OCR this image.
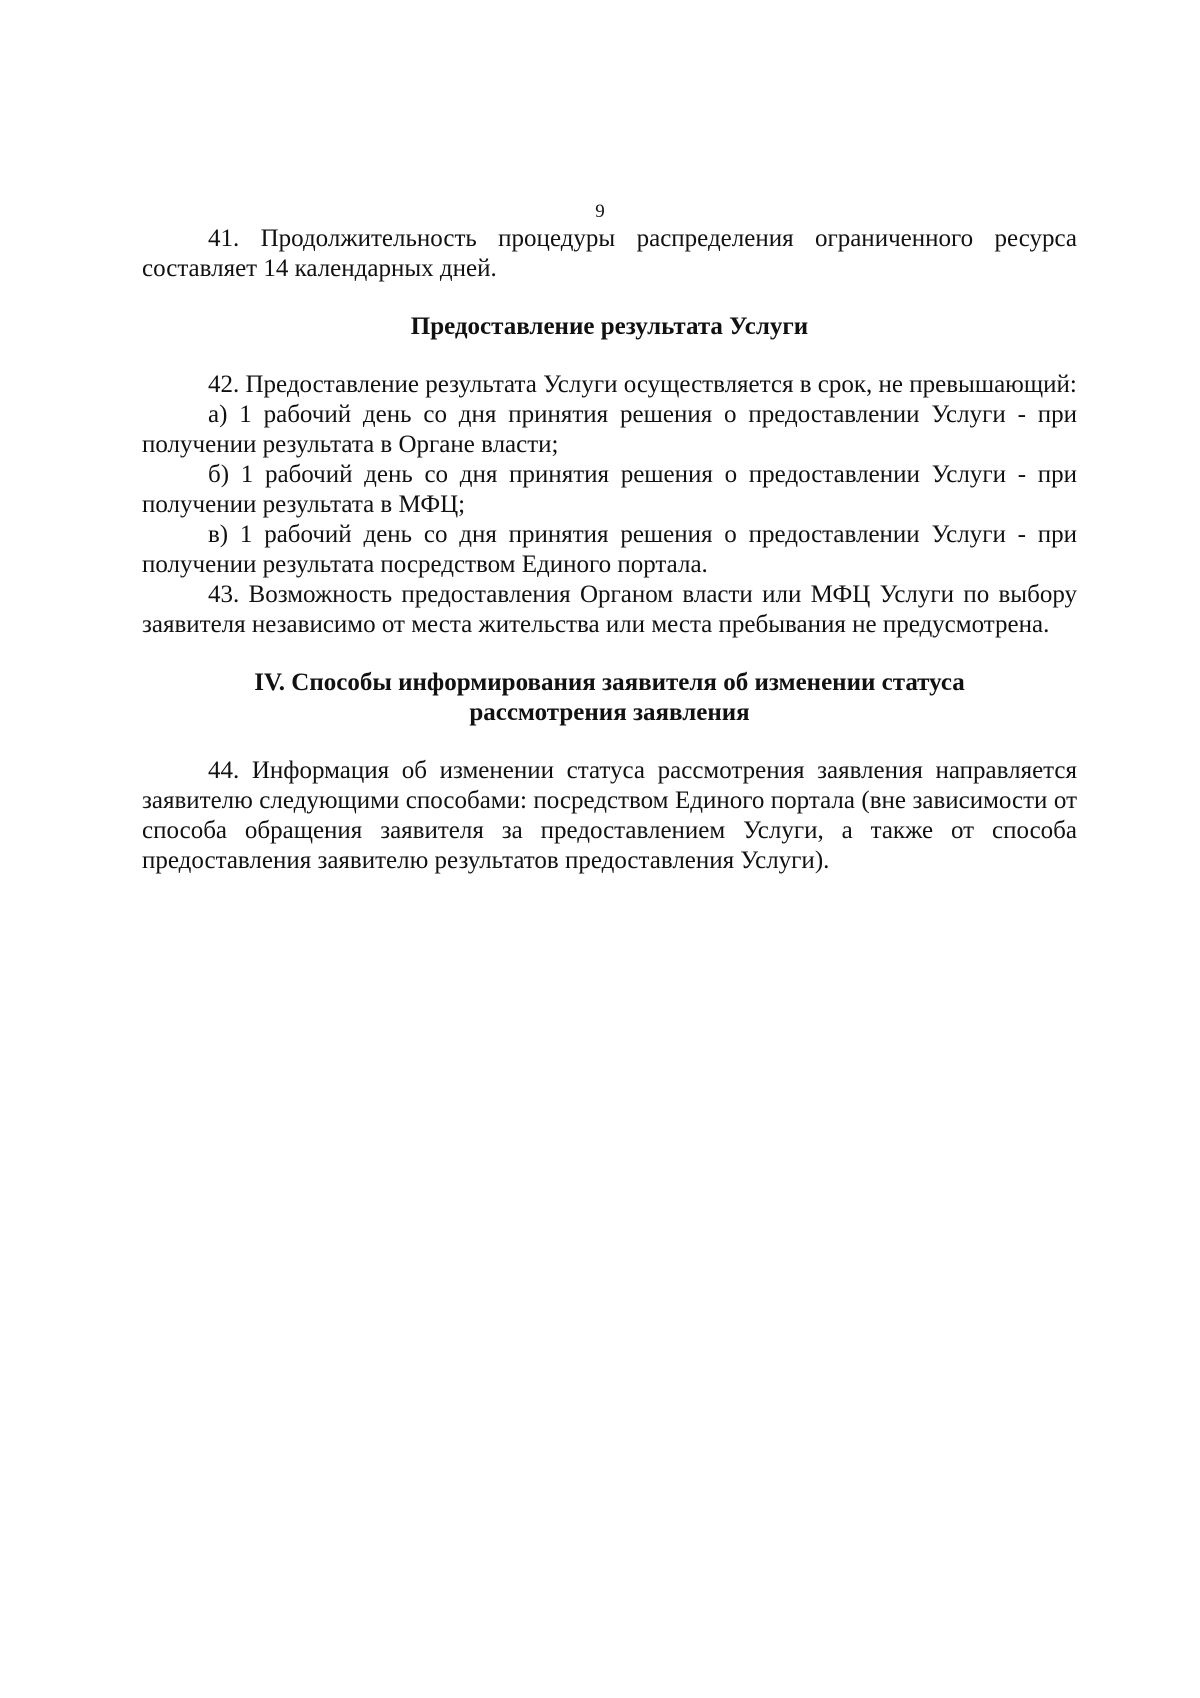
9

41. Продолжительность процедуры распределения ограниченного ресурса составляет 14 календарных дней.

Предоставление результата Услуги

42. Предоставление результата Услуги осуществляется в срок, не превышающий:

а) 1 рабочий день со дня принятия решения о предоставлении Услуги - при получении результата в Органе власти;

б) 1 рабочий день со дня принятия решения о предоставлении Услуги - при получении результата в МФЦ;

в) 1 рабочий день со дня принятия решения о предоставлении Услуги - при получении результата посредством Единого портала.

43. Возможность предоставления Органом власти или МФЦ Услуги по выбору заявителя независимо от места жительства или места пребывания не предусмотрена.

IV. Способы информирования заявителя об изменении статуса
рассмотрения заявления

44. Информация об изменении статуса рассмотрения заявления направляется заявителю следующими способами: посредством Единого портала (вне зависимости от способа обращения заявителя за предоставлением Услуги, а также от способа предоставления заявителю результатов предоставления Услуги).
